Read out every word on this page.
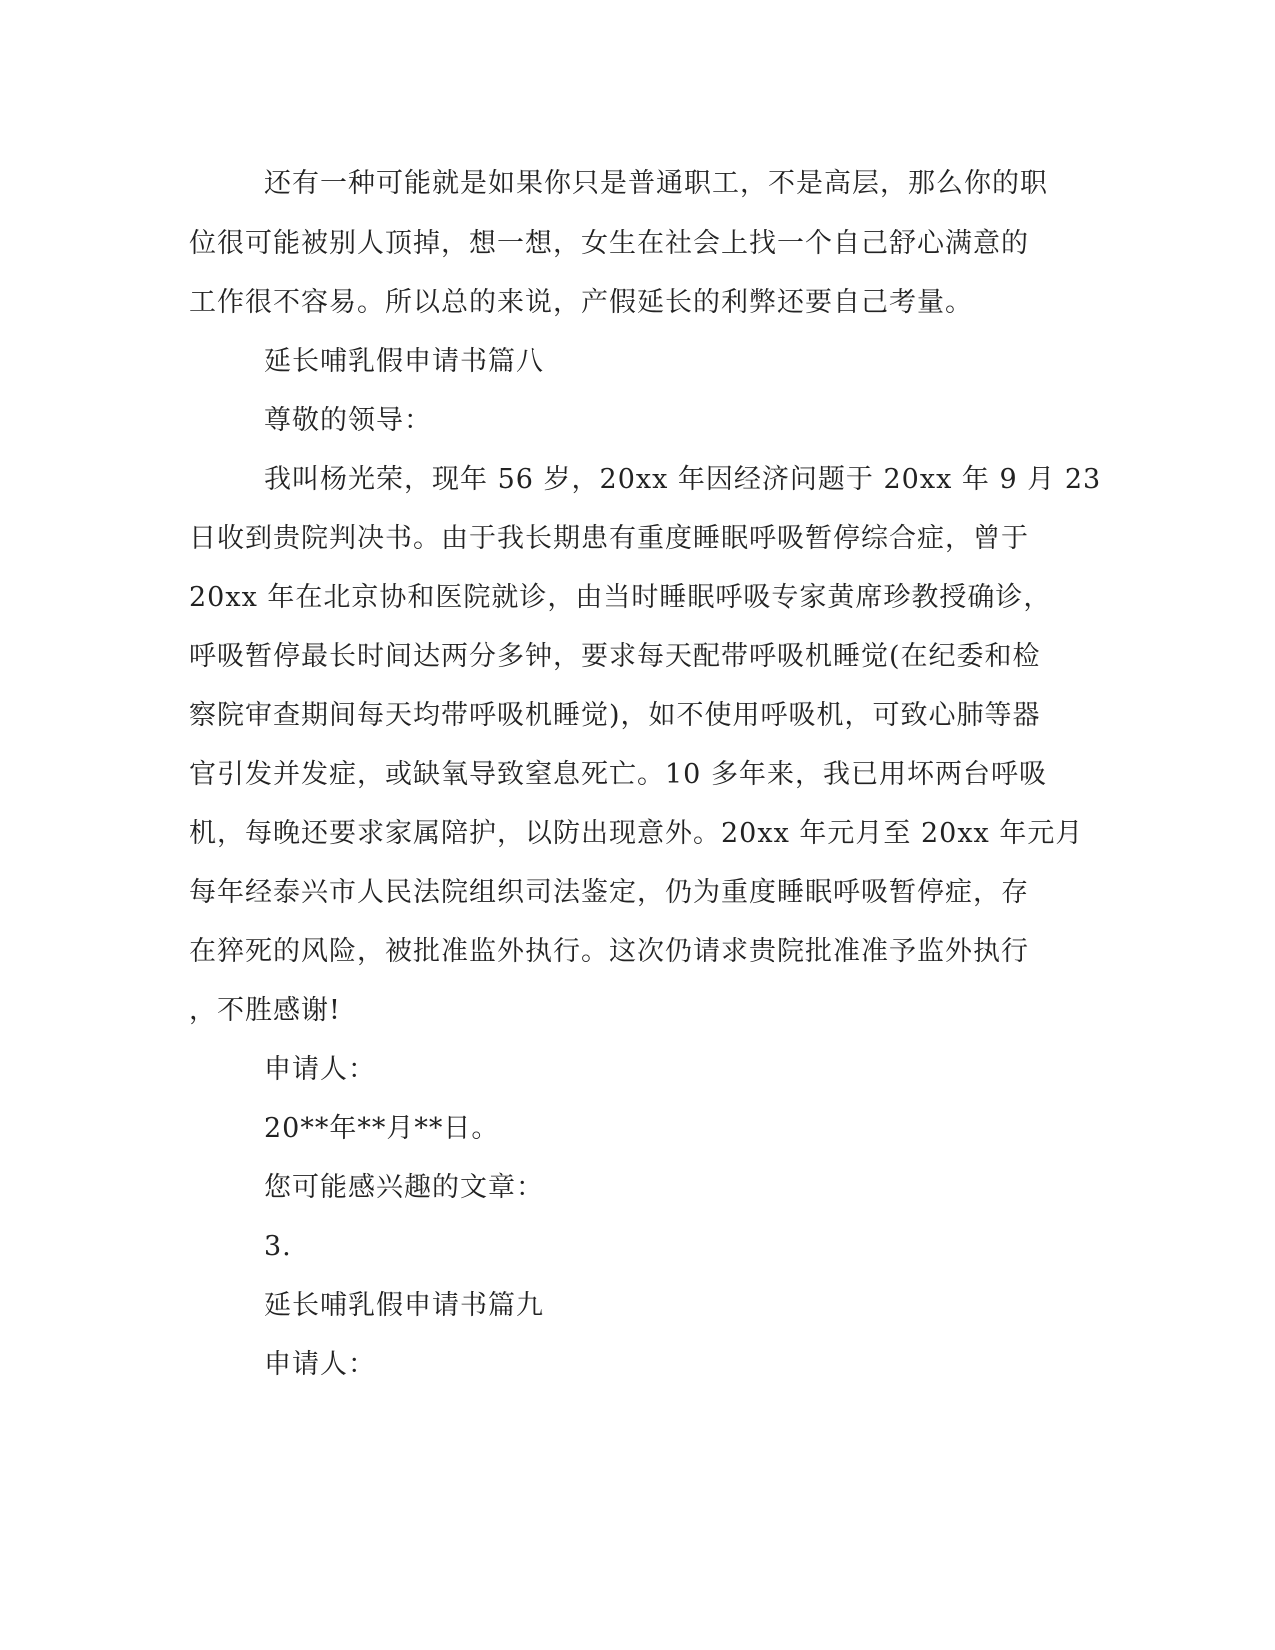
还有一种可能就是如果你只是普通职工，不是高层，那么你的职
位很可能被别人顶掉，想一想，女生在社会上找一个自己舒心满意的
工作很不容易。所以总的来说，产假延长的利弊还要自己考量。
延长哺乳假申请书篇八
尊敬的领导：
我叫杨光荣，现年 56 岁，20xx 年因经济问题于 20xx 年 9 月 23
日收到贵院判决书。由于我长期患有重度睡眠呼吸暂停综合症，曾于
20xx 年在北京协和医院就诊，由当时睡眠呼吸专家黄席珍教授确诊，
呼吸暂停最长时间达两分多钟，要求每天配带呼吸机睡觉(在纪委和检
察院审查期间每天均带呼吸机睡觉)，如不使用呼吸机，可致心肺等器
官引发并发症，或缺氧导致窒息死亡。10 多年来，我已用坏两台呼吸
机，每晚还要求家属陪护，以防出现意外。20xx 年元月至 20xx 年元月
每年经泰兴市人民法院组织司法鉴定，仍为重度睡眠呼吸暂停症，存
在猝死的风险，被批准监外执行。这次仍请求贵院批准准予监外执行
，不胜感谢!
申请人：
20**年**月**日。
您可能感兴趣的文章：
3.
延长哺乳假申请书篇九
申请人：
